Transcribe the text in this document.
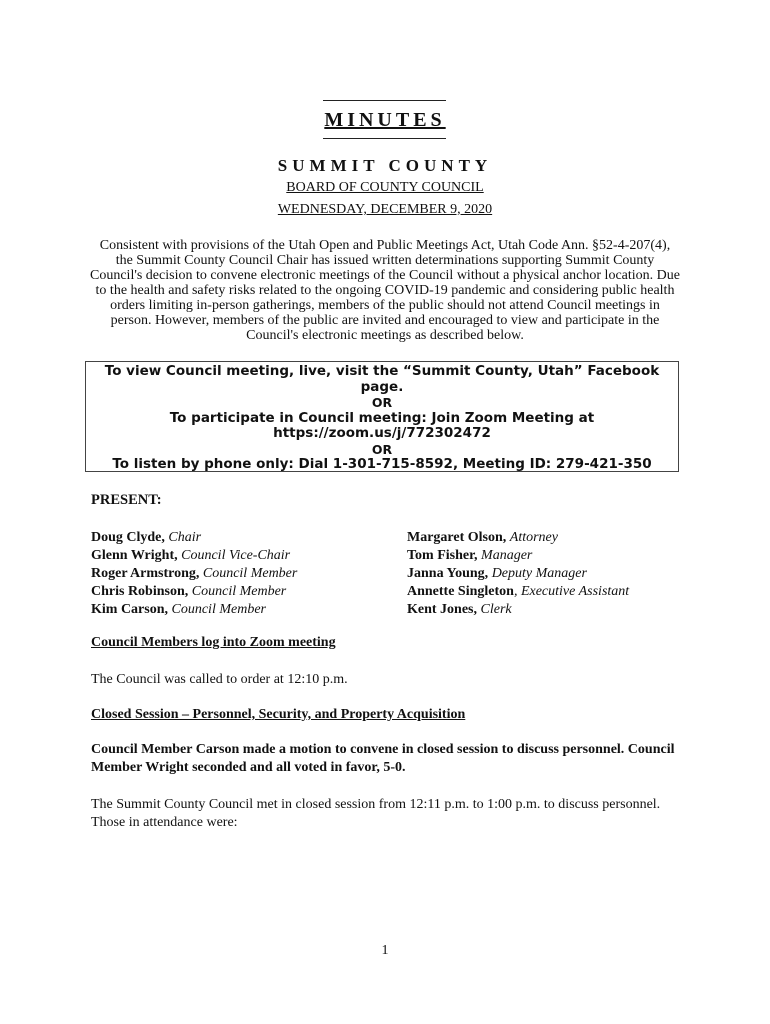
MINUTES
SUMMIT COUNTY
BOARD OF COUNTY COUNCIL
WEDNESDAY, DECEMBER 9, 2020
Consistent with provisions of the Utah Open and Public Meetings Act, Utah Code Ann. §52-4-207(4), the Summit County Council Chair has issued written determinations supporting Summit County Council's decision to convene electronic meetings of the Council without a physical anchor location. Due to the health and safety risks related to the ongoing COVID-19 pandemic and considering public health orders limiting in-person gatherings, members of the public should not attend Council meetings in person. However, members of the public are invited and encouraged to view and participate in the Council's electronic meetings as described below.
To view Council meeting, live, visit the “Summit County, Utah” Facebook page.
OR
To participate in Council meeting: Join Zoom Meeting at https://zoom.us/j/772302472
OR
To listen by phone only: Dial 1-301-715-8592, Meeting ID: 279-421-350
PRESENT:
Doug Clyde, Chair
Glenn Wright, Council Vice-Chair
Roger Armstrong, Council Member
Chris Robinson, Council Member
Kim Carson, Council Member
Margaret Olson, Attorney
Tom Fisher, Manager
Janna Young, Deputy Manager
Annette Singleton, Executive Assistant
Kent Jones, Clerk
Council Members log into Zoom meeting
The Council was called to order at 12:10 p.m.
Closed Session – Personnel, Security, and Property Acquisition
Council Member Carson made a motion to convene in closed session to discuss personnel. Council Member Wright seconded and all voted in favor, 5-0.
The Summit County Council met in closed session from 12:11 p.m. to 1:00 p.m. to discuss personnel. Those in attendance were:
1
